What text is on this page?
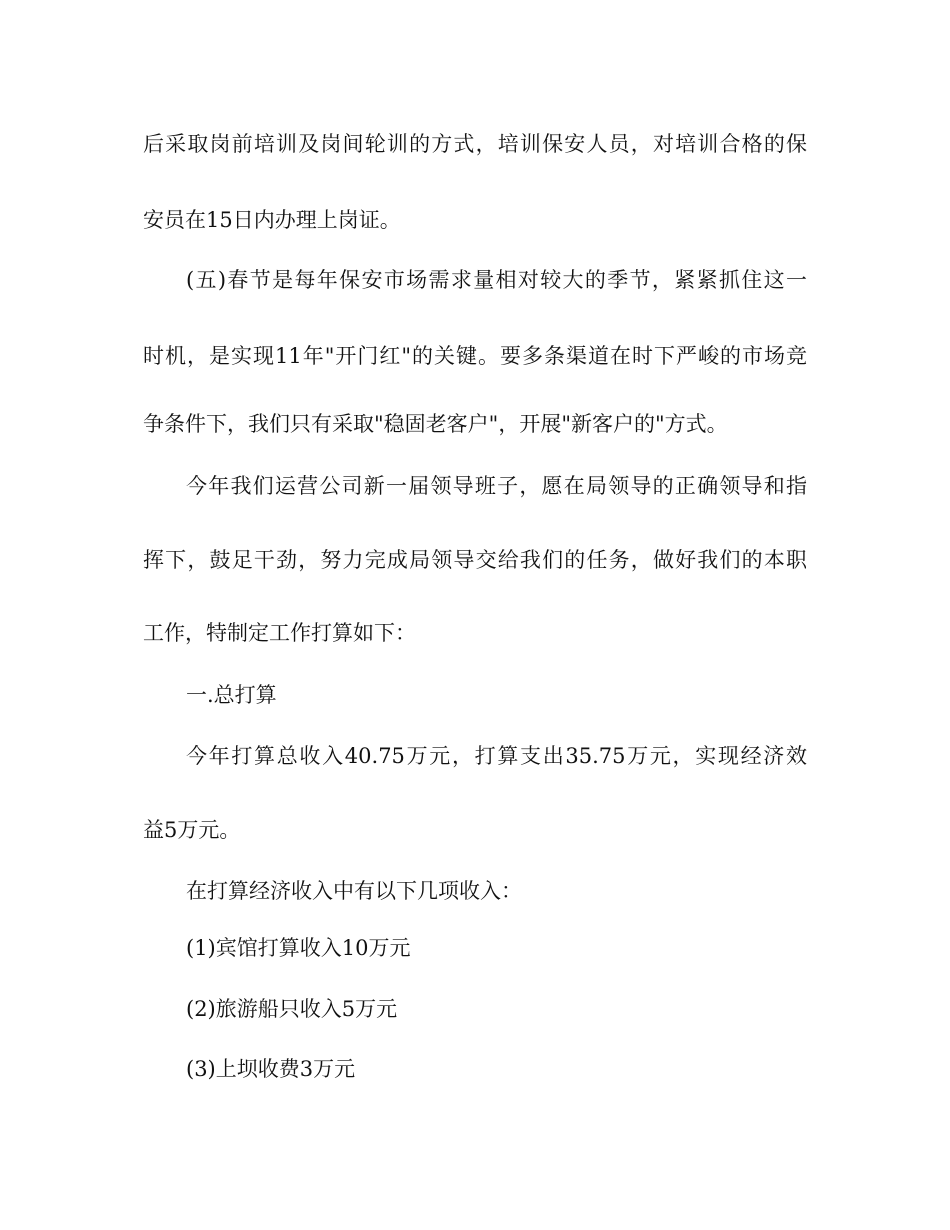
后采取岗前培训及岗间轮训的方式，培训保安人员，对培训合格的保
安员在15日内办理上岗证。
(五)春节是每年保安市场需求量相对较大的季节，紧紧抓住这一
时机，是实现11年"开门红"的关键。要多条渠道在时下严峻的市场竞
争条件下，我们只有采取"稳固老客户"，开展"新客户的"方式。
今年我们运营公司新一届领导班子，愿在局领导的正确领导和指
挥下，鼓足干劲，努力完成局领导交给我们的任务，做好我们的本职
工作，特制定工作打算如下：
一.总打算
今年打算总收入40.75万元，打算支出35.75万元，实现经济效
益5万元。
在打算经济收入中有以下几项收入：
(1)宾馆打算收入10万元
(2)旅游船只收入5万元
(3)上坝收费3万元
